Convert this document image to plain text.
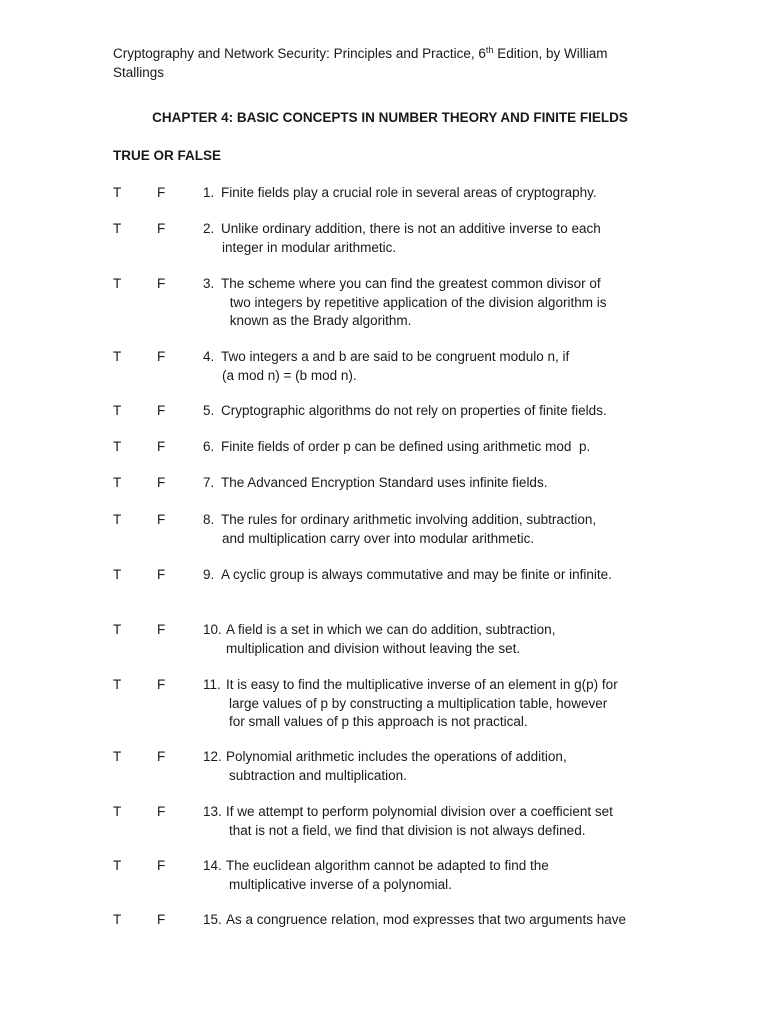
Cryptography and Network Security: Principles and Practice, 6th Edition, by William
Stallings
CHAPTER 4: BASIC CONCEPTS IN NUMBER THEORY AND FINITE FIELDS
TRUE OR FALSE
T	F	1. Finite fields play a crucial role in several areas of cryptography.
T	F	2. Unlike ordinary addition, there is not an additive inverse to each
integer in modular arithmetic.
T	F	3. The scheme where you can find the greatest common divisor of
two integers by repetitive application of the division algorithm is
known as the Brady algorithm.
T	F	4. Two integers a and b are said to be congruent modulo n, if
(a mod n) = (b mod n).
T	F	5. Cryptographic algorithms do not rely on properties of finite fields.
T	F	6. Finite fields of order p can be defined using arithmetic mod  p.
T	F	7. The Advanced Encryption Standard uses infinite fields.
T	F	8. The rules for ordinary arithmetic involving addition, subtraction,
and multiplication carry over into modular arithmetic.
T	F	9. A cyclic group is always commutative and may be finite or infinite.
T	F	10. A field is a set in which we can do addition, subtraction,
multiplication and division without leaving the set.
T	F	11. It is easy to find the multiplicative inverse of an element in g(p) for
large values of p by constructing a multiplication table, however
for small values of p this approach is not practical.
T	F	12. Polynomial arithmetic includes the operations of addition,
subtraction and multiplication.
T	F	13. If we attempt to perform polynomial division over a coefficient set
that is not a field, we find that division is not always defined.
T	F	14. The euclidean algorithm cannot be adapted to find the
multiplicative inverse of a polynomial.
T	F	15. As a congruence relation, mod expresses that two arguments have
